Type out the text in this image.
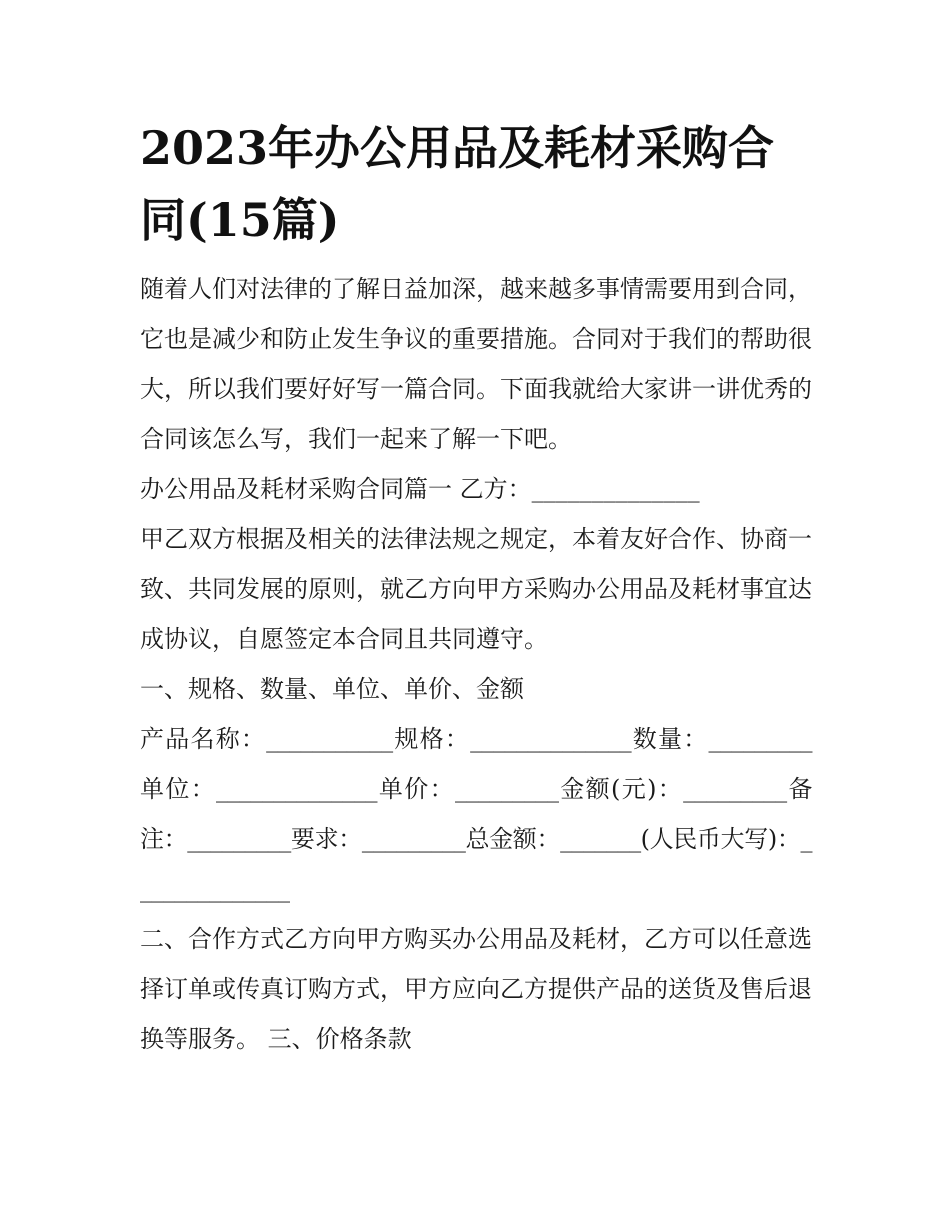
2023年办公用品及耗材采购合同(15篇)

随着人们对法律的了解日益加深，越来越多事情需要用到合同，它也是减少和防止发生争议的重要措施。合同对于我们的帮助很大，所以我们要好好写一篇合同。下面我就给大家讲一讲优秀的合同该怎么写，我们一起来了解一下吧。

办公用品及耗材采购合同篇一 乙方：______________

甲乙双方根据及相关的法律法规之规定，本着友好合作、协商一致、共同发展的原则，就乙方向甲方采购办公用品及耗材事宜达成协议，自愿签定本合同且共同遵守。

一、规格、数量、单位、单价、金额

产品名称：___________规格：______________数量：_________单位：______________单价：_________金额(元)：_________备注：_________要求：_________总金额：_______(人民币大写)：______________

二、合作方式乙方向甲方购买办公用品及耗材，乙方可以任意选择订单或传真订购方式，甲方应向乙方提供产品的送货及售后退换等服务。 三、价格条款
